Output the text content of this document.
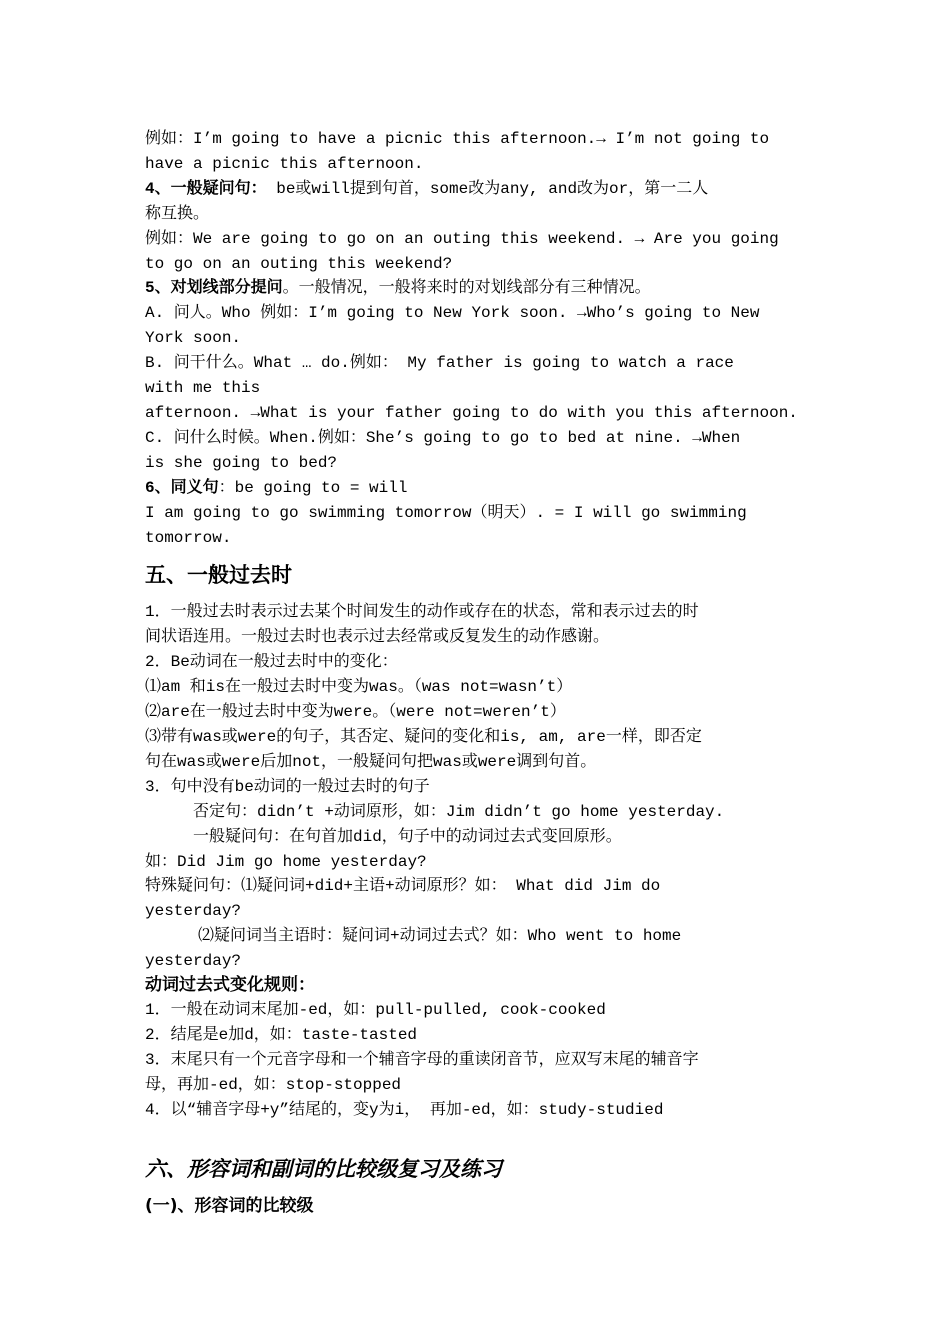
例如：I’m going to have a picnic this afternoon.→ I’m not going to
have a picnic this afternoon.
4、一般疑问句： be或will提到句首，some改为any, and改为or，第一二人
称互换。
例如：We are going to go on an outing this weekend. → Are you going
to go on an outing this weekend?
5、对划线部分提问。一般情况，一般将来时的对划线部分有三种情况。
A. 问人。Who 例如：I’m going to New York soon. →Who’s going to New
York soon.
B. 问干什么。What … do.例如： My father is going to watch a race
with me this
afternoon. →What is your father going to do with you this afternoon.
C. 问什么时候。When.例如：She’s going to go to bed at nine. →When
is she going to bed?
6、同义句：be going to = will
I am going to go swimming tomorrow（明天）. = I will go swimming
tomorrow.
五、一般过去时
1．一般过去时表示过去某个时间发生的动作或存在的状态，常和表示过去的时
间状语连用。一般过去时也表示过去经常或反复发生的动作感谢。
2．Be动词在一般过去时中的变化：
⑴am 和is在一般过去时中变为was。（was not=wasn’t）
⑵are在一般过去时中变为were。（were not=weren’t）
⑶带有was或were的句子，其否定、疑问的变化和is, am, are一样，即否定
句在was或were后加not，一般疑问句把was或were调到句首。
3．句中没有be动词的一般过去时的句子
否定句：didn’t +动词原形，如：Jim didn’t go home yesterday.
一般疑问句：在句首加did，句子中的动词过去式变回原形。
如：Did Jim go home yesterday?
特殊疑问句：⑴疑问词+did+主语+动词原形？如： What did Jim do
yesterday?
⑵疑问词当主语时：疑问词+动词过去式？如：Who went to home
yesterday?
动词过去式变化规则：
1．一般在动词末尾加-ed，如：pull-pulled, cook-cooked
2．结尾是e加d，如：taste-tasted
3．末尾只有一个元音字母和一个辅音字母的重读闭音节，应双写末尾的辅音字
母，再加-ed，如：stop-stopped
4．以“辅音字母+y”结尾的，变y为i， 再加-ed，如：study-studied
六、形容词和副词的比较级复习及练习
(一)、形容词的比较级
